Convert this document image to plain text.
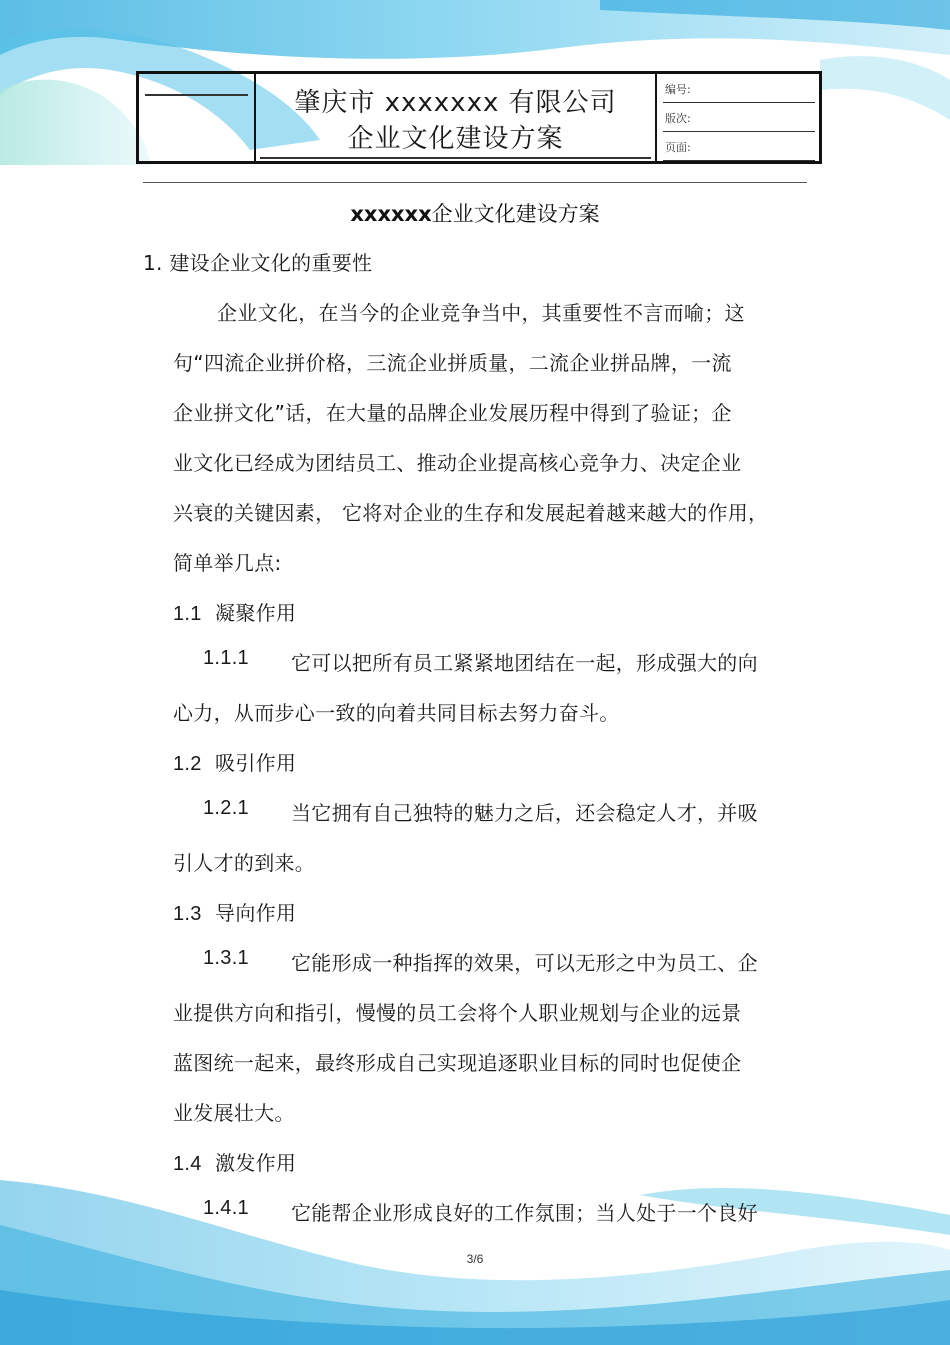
肇庆市 xxxxxxx 有限公司
企业文化建设方案
编号:
版次:
页面:
xxxxxx企业文化建设方案
1. 建设企业文化的重要性
企业文化，在当今的企业竞争当中，其重要性不言而喻；这
句“四流企业拼价格，三流企业拼质量，二流企业拼品牌，一流
企业拼文化”话，在大量的品牌企业发展历程中得到了验证；企
业文化已经成为团结员工、推动企业提高核心竞争力、决定企业
兴衰的关键因素， 它将对企业的生存和发展起着越来越大的作用，
简单举几点:
1.1 凝聚作用
1.1.1 它可以把所有员工紧紧地团结在一起，形成强大的向
心力，从而步心一致的向着共同目标去努力奋斗。
1.2 吸引作用
1.2.1 当它拥有自己独特的魅力之后，还会稳定人才，并吸
引人才的到来。
1.3 导向作用
1.3.1 它能形成一种指挥的效果，可以无形之中为员工、企
业提供方向和指引，慢慢的员工会将个人职业规划与企业的远景
蓝图统一起来，最终形成自己实现追逐职业目标的同时也促使企
业发展壮大。
1.4 激发作用
1.4.1 它能帮企业形成良好的工作氛围；当人处于一个良好
3/6
